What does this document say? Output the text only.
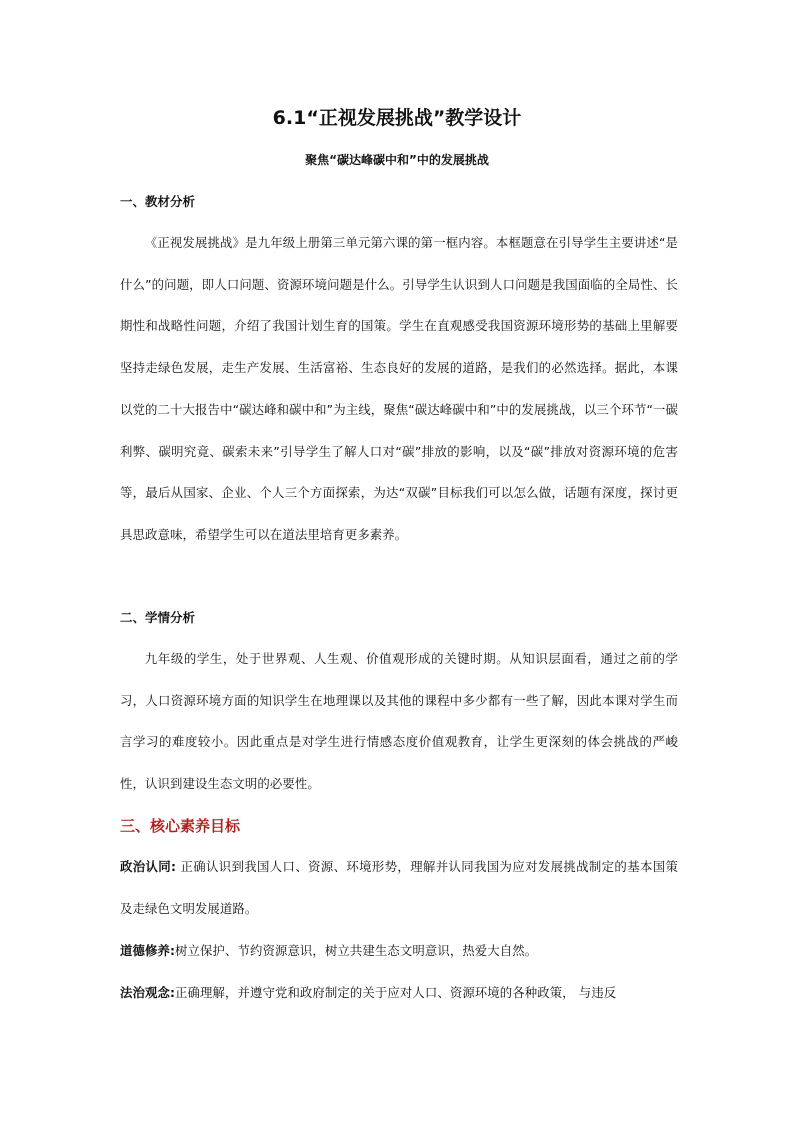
6.1“正视发展挑战”教学设计
聚焦“碳达峰碳中和”中的发展挑战
一、教材分析

《正视发展挑战》是九年级上册第三单元第六课的第一框内容。本框题意在引导学生主要讲述“是什么”的问题，即人口问题、资源环境问题是什么。引导学生认识到人口问题是我国面临的全局性、长期性和战略性问题，介绍了我国计划生育的国策。学生在直观感受我国资源环境形势的基础上里解要坚持走绿色发展，走生产发展、生活富裕、生态良好的发展的道路，是我们的必然选择。据此，本课以党的二十大报告中“碳达峰和碳中和”为主线，聚焦“碳达峰碳中和”中的发展挑战，以三个环节“一碳利弊、碳明究竟、碳索未来”引导学生了解人口对“碳”排放的影响，以及“碳”排放对资源环境的危害等，最后从国家、企业、个人三个方面探索，为达“双碳”目标我们可以怎么做，话题有深度，探讨更具思政意味，希望学生可以在道法里培育更多素养。

二、学情分析

九年级的学生，处于世界观、人生观、价值观形成的关键时期。从知识层面看，通过之前的学习，人口资源环境方面的知识学生在地理课以及其他的课程中多少都有一些了解，因此本课对学生而言学习的难度较小。因此重点是对学生进行情感态度价值观教育，让学生更深刻的体会挑战的严峻性，认识到建设生态文明的必要性。

三、核心素养目标

政治认同: 正确认识到我国人口、资源、环境形势，理解并认同我国为应对发展挑战制定的基本国策及走绿色文明发展道路。

道德修养:树立保护、节约资源意识，树立共建生态文明意识，热爱大自然。

法治观念:正确理解，并遵守党和政府制定的关于应对人口、资源环境的各种政策， 与违反
